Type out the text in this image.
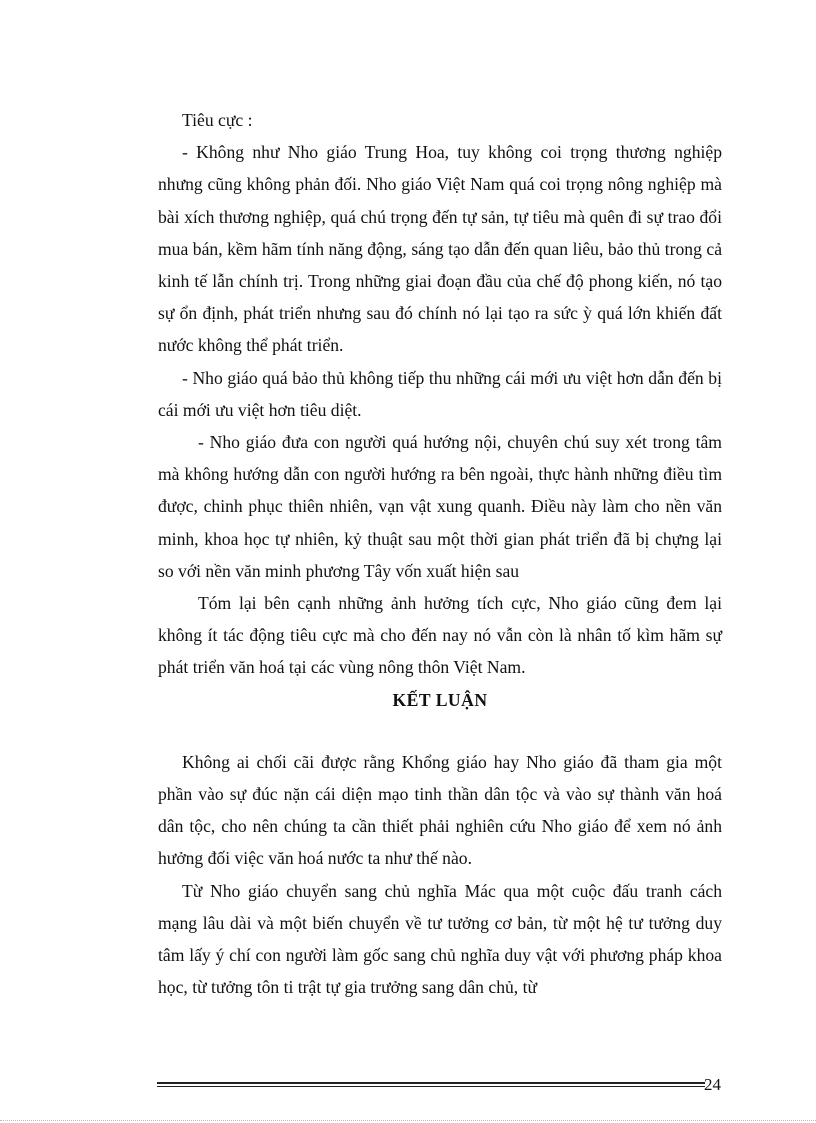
Tiêu cực :

- Không như Nho giáo Trung Hoa, tuy không coi trọng thương nghiệp nhưng cũng không phản đối. Nho giáo Việt Nam quá coi trọng nông nghiệp mà bài xích thương nghiệp, quá chú trọng đến tự sản, tự tiêu mà quên đi sự trao đổi mua bán, kềm hãm tính năng động, sáng tạo dẫn đến quan liêu, bảo thủ trong cả kinh tế lẫn chính trị. Trong những giai đoạn đầu của chế độ phong kiến, nó tạo sự ổn định, phát triển nhưng sau đó chính nó lại tạo ra sức ỳ quá lớn khiến đất nước không thể phát triển.

- Nho giáo quá bảo thủ không tiếp thu những cái mới ưu việt hơn dẫn đến bị cái mới ưu việt hơn tiêu diệt.

- Nho giáo đưa con người quá hướng nội, chuyên chú suy xét trong tâm mà không hướng dẫn con người hướng ra bên ngoài, thực hành những điều tìm được, chinh phục thiên nhiên, vạn vật xung quanh. Điều này làm cho nền văn minh, khoa học tự nhiên, kỷ thuật sau một thời gian phát triển đã bị chựng lại so với nền văn minh phương Tây vốn xuất hiện sau

Tóm lại bên cạnh những ảnh hưởng tích cực, Nho giáo cũng đem lại không ít tác động tiêu cực mà cho đến nay nó vẫn còn là nhân tố kìm hãm sự phát triển văn hoá tại các vùng nông thôn Việt Nam.

KẾT LUẬN

Không ai chối cãi được rằng Khổng giáo hay Nho giáo đã tham gia một phần vào sự đúc nặn cái diện mạo tinh thần dân tộc và vào sự thành văn hoá dân tộc, cho nên chúng ta cần thiết phải nghiên cứu Nho giáo để xem nó ảnh hưởng đối việc văn hoá nước ta như thế nào.

Từ Nho giáo chuyển sang chủ nghĩa Mác qua một cuộc đấu tranh cách mạng lâu dài và một biến chuyển về tư tưởng cơ bản, từ một hệ tư tưởng duy tâm lấy ý chí con người làm gốc sang chủ nghĩa duy vật với phương pháp khoa học, từ tưởng tôn ti trật tự gia trưởng sang dân chủ, từ

24
